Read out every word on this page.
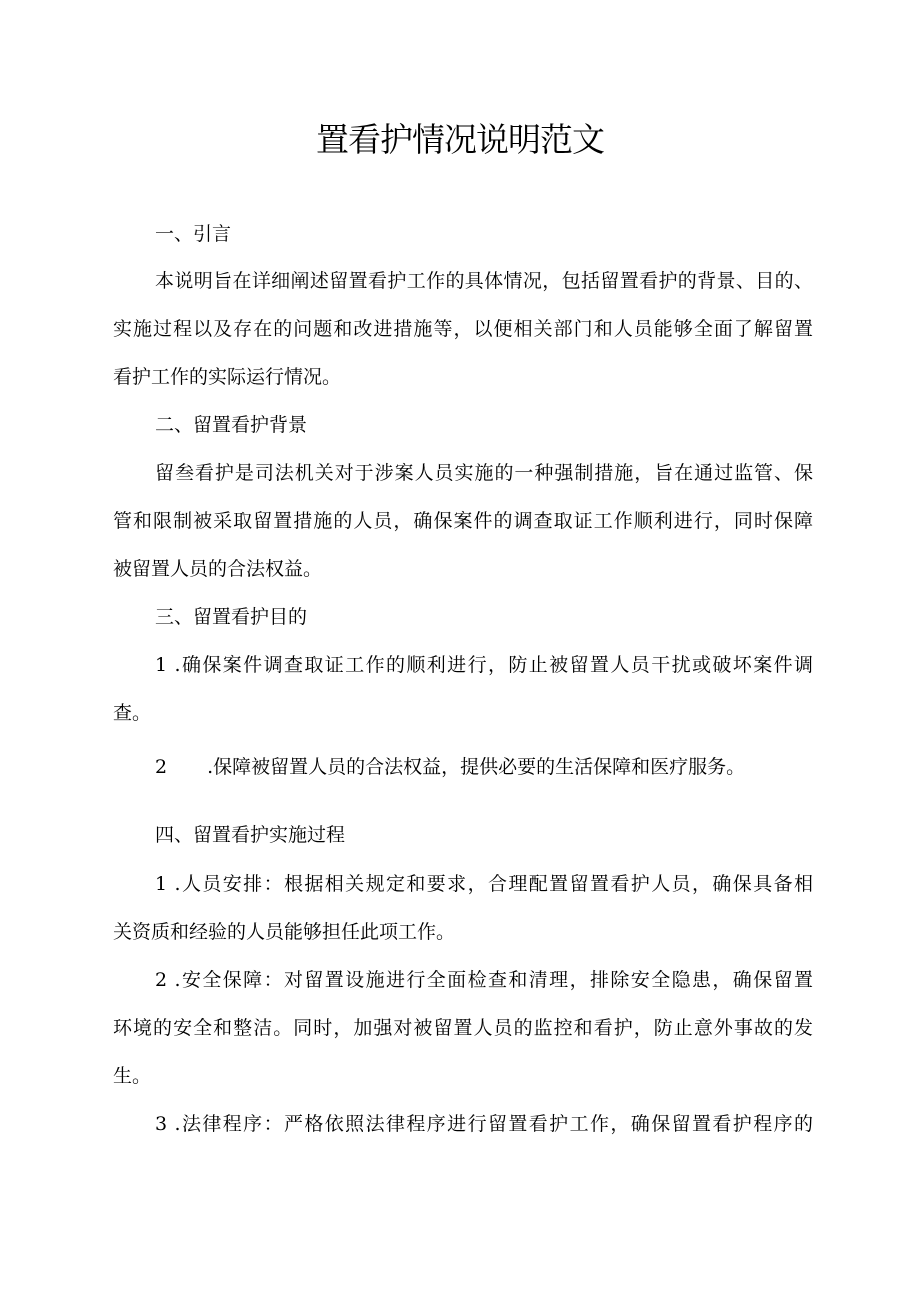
置看护情况说明范文

一、引言

本说明旨在详细阐述留置看护工作的具体情况，包括留置看护的背景、目的、

实施过程以及存在的问题和改进措施等，以便相关部门和人员能够全面了解留置

看护工作的实际运行情况。

二、留置看护背景

留叁看护是司法机关对于涉案人员实施的一种强制措施，旨在通过监管、保

管和限制被采取留置措施的人员，确保案件的调查取证工作顺利进行，同时保障

被留置人员的合法权益。

三、留置看护目的

1 .确保案件调查取证工作的顺利进行，防止被留置人员干扰或破坏案件调

查。

2 .保障被留置人员的合法权益，提供必要的生活保障和医疗服务。

四、留置看护实施过程

1 .人员安排：根据相关规定和要求，合理配置留置看护人员，确保具备相

关资质和经验的人员能够担任此项工作。

2 .安全保障：对留置设施进行全面检查和清理，排除安全隐患，确保留置

环境的安全和整洁。同时，加强对被留置人员的监控和看护，防止意外事故的发

生。

3 .法律程序：严格依照法律程序进行留置看护工作，确保留置看护程序的
